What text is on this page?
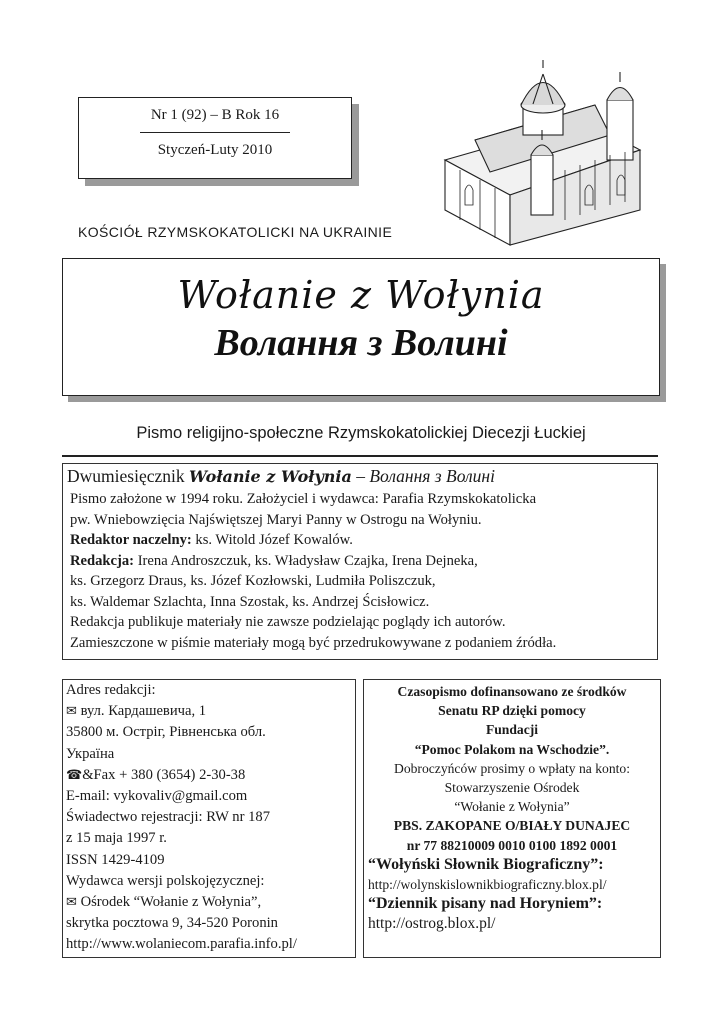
Nr 1 (92) – B Rok 16
Styczeń-Luty 2010
KOŚCIÓŁ RZYMSKOKATOLICKI NA UKRAINIE
Wołanie z Wołynia
Волання з Волині
Pismo religijno-społeczne Rzymskokatolickiej Diecezji Łuckiej
Dwumiesięcznik Wołanie z Wołynia – Волання з Волині
Pismo założone w 1994 roku. Założyciel i wydawca: Parafia Rzymskokatolicka
pw. Wniebowzięcia Najświętszej Maryi Panny w Ostrogu na Wołyniu.
Redaktor naczelny: ks. Witold Józef Kowalów.
Redakcja: Irena Androszczuk, ks. Władysław Czajka, Irena Dejneka,
ks. Grzegorz Draus, ks. Józef Kozłowski, Ludmiła Poliszczuk,
ks. Waldemar Szlachta, Inna Szostak, ks. Andrzej Ścisłowicz.
Redakcja publikuje materiały nie zawsze podzielając poglądy ich autorów.
Zamieszczone w piśmie materiały mogą być przedrukowywane z podaniem źródła.
Adres redakcji:
✉ вул. Кардашевича, 1
35800 м. Остріг, Рівненська обл.
Україна
☎&Fax + 380 (3654) 2-30-38
E-mail: vykovaliv@gmail.com
Świadectwo rejestracji: RW nr 187
z 15 maja 1997 r.
ISSN 1429-4109
Wydawca wersji polskojęzycznej:
✉ Ośrodek “Wołanie z Wołynia”,
skrytka pocztowa 9, 34-520 Poronin
http://www.wolaniecom.parafia.info.pl/
Czasopismo dofinansowano ze środków
Senatu RP dzięki pomocy
Fundacji
“Pomoc Polakom na Wschodzie”.
Dobroczyńców prosimy o wpłaty na konto:
Stowarzyszenie Ośrodek
“Wołanie z Wołynia”
PBS. ZAKOPANE O/BIAŁY DUNAJEC
nr 77 88210009 0010 0100 1892 0001
“Wołyński Słownik Biograficzny”:
http://wolynskislownikbiograficzny.blox.pl/
“Dziennik pisany nad Horyniem”:
http://ostrog.blox.pl/
